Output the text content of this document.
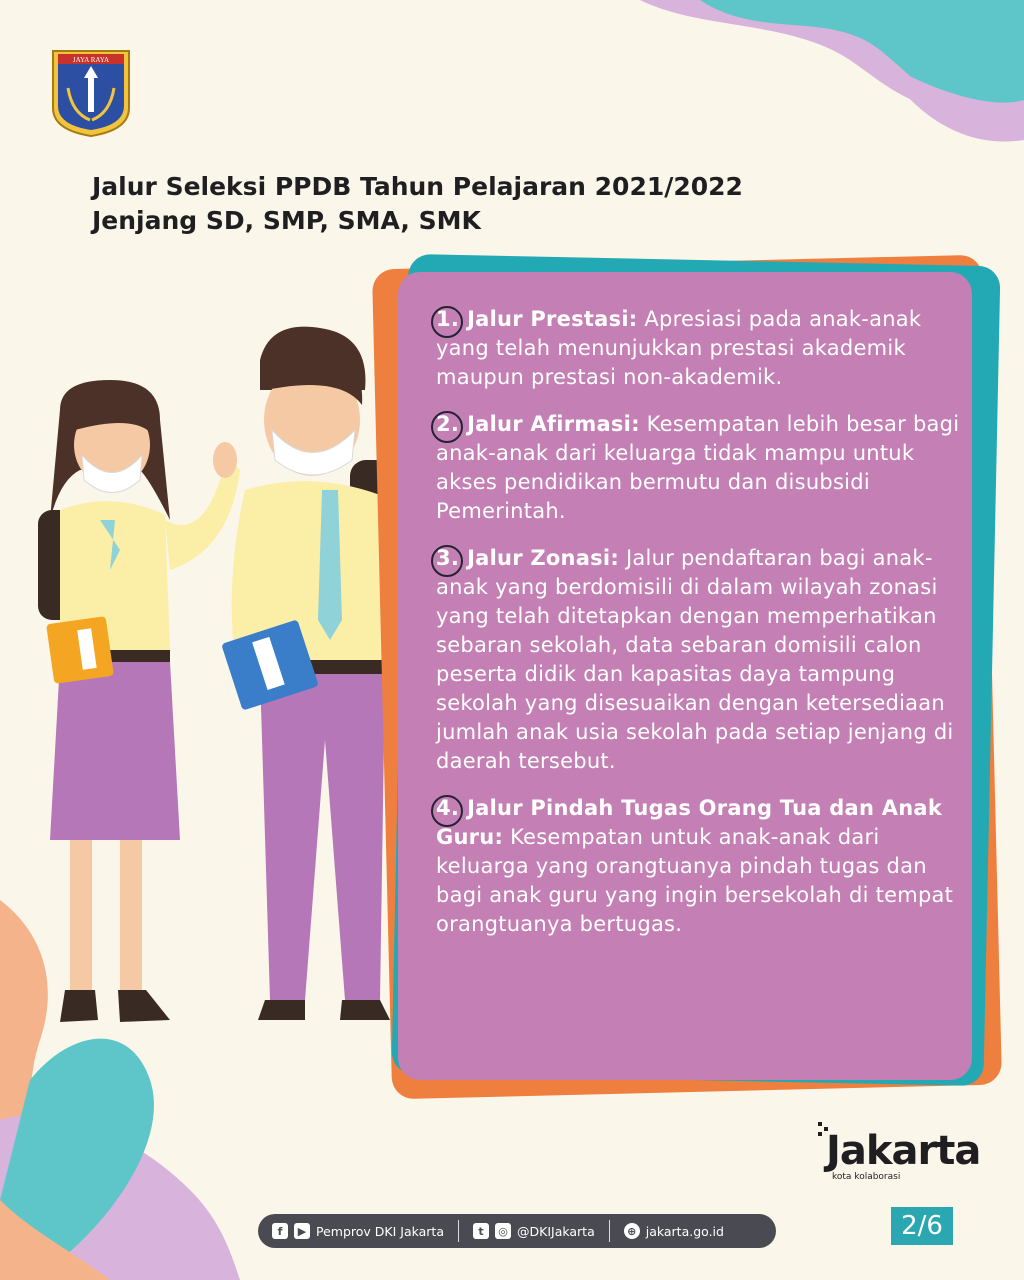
JAYA RAYA
Jalur Seleksi PPDB Tahun Pelajaran 2021/2022
Jenjang SD, SMP, SMA, SMK
1. Jalur Prestasi: Apresiasi pada anak-anak yang telah menunjukkan prestasi akademik maupun prestasi non-akademik.
2. Jalur Afirmasi: Kesempatan lebih besar bagi anak-anak dari keluarga tidak mampu untuk akses pendidikan bermutu dan disubsidi Pemerintah.
3. Jalur Zonasi: Jalur pendaftaran bagi anak-anak yang berdomisili di dalam wilayah zonasi yang telah ditetapkan dengan memperhatikan sebaran sekolah, data sebaran domisili calon peserta didik dan kapasitas daya tampung sekolah yang disesuaikan dengan ketersediaan jumlah anak usia sekolah pada setiap jenjang di daerah tersebut.
4. Jalur Pindah Tugas Orang Tua dan Anak Guru: Kesempatan untuk anak-anak dari keluarga yang orangtuanya pindah tugas dan bagi anak guru yang ingin bersekolah di tempat orangtuanya bertugas.
Jakarta
kota kolaborasi
2/6
f	▶ Pemprov DKI Jakarta	t	◎ @DKIJakarta	⊕ jakarta.go.id
